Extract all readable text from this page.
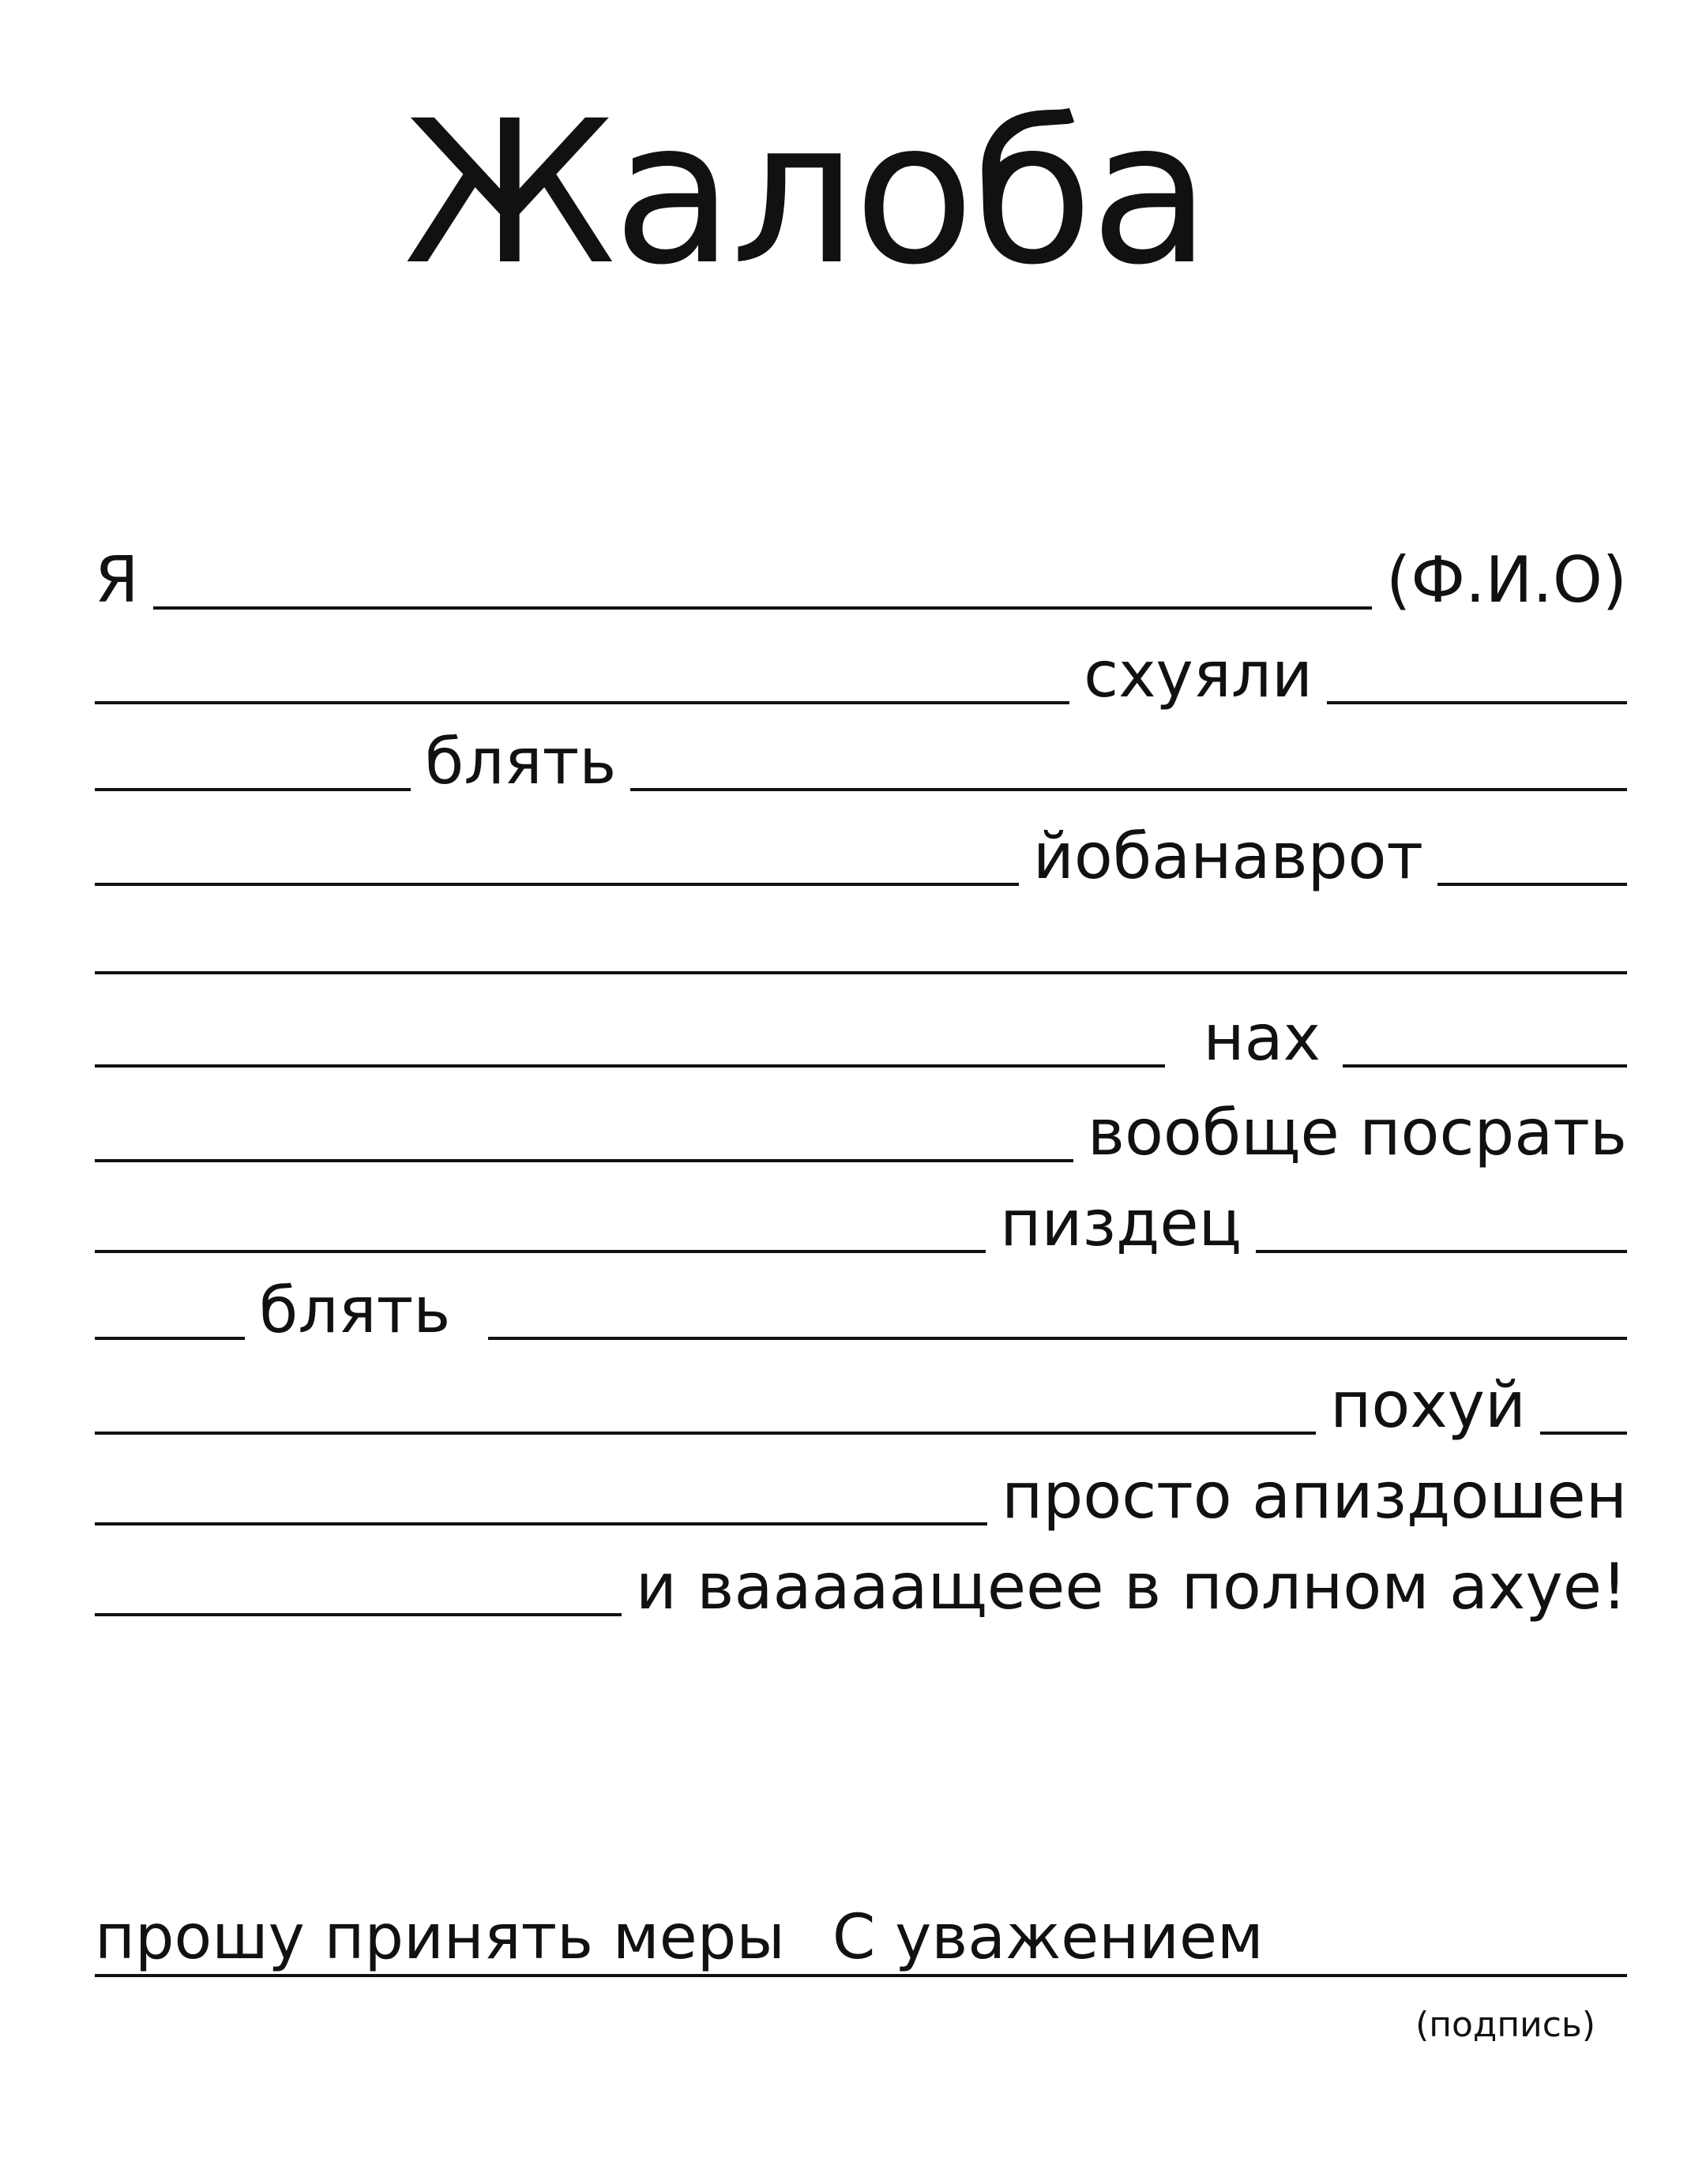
Жалоба
Я	(Ф.И.О)
схуяли
блять
йобанаврот
нах
вообще посрать
пиздец
блять
похуй
просто апиздошен
и вааааащеее в полном ахуе!
прошу принять меры С уважением
(подпись)
